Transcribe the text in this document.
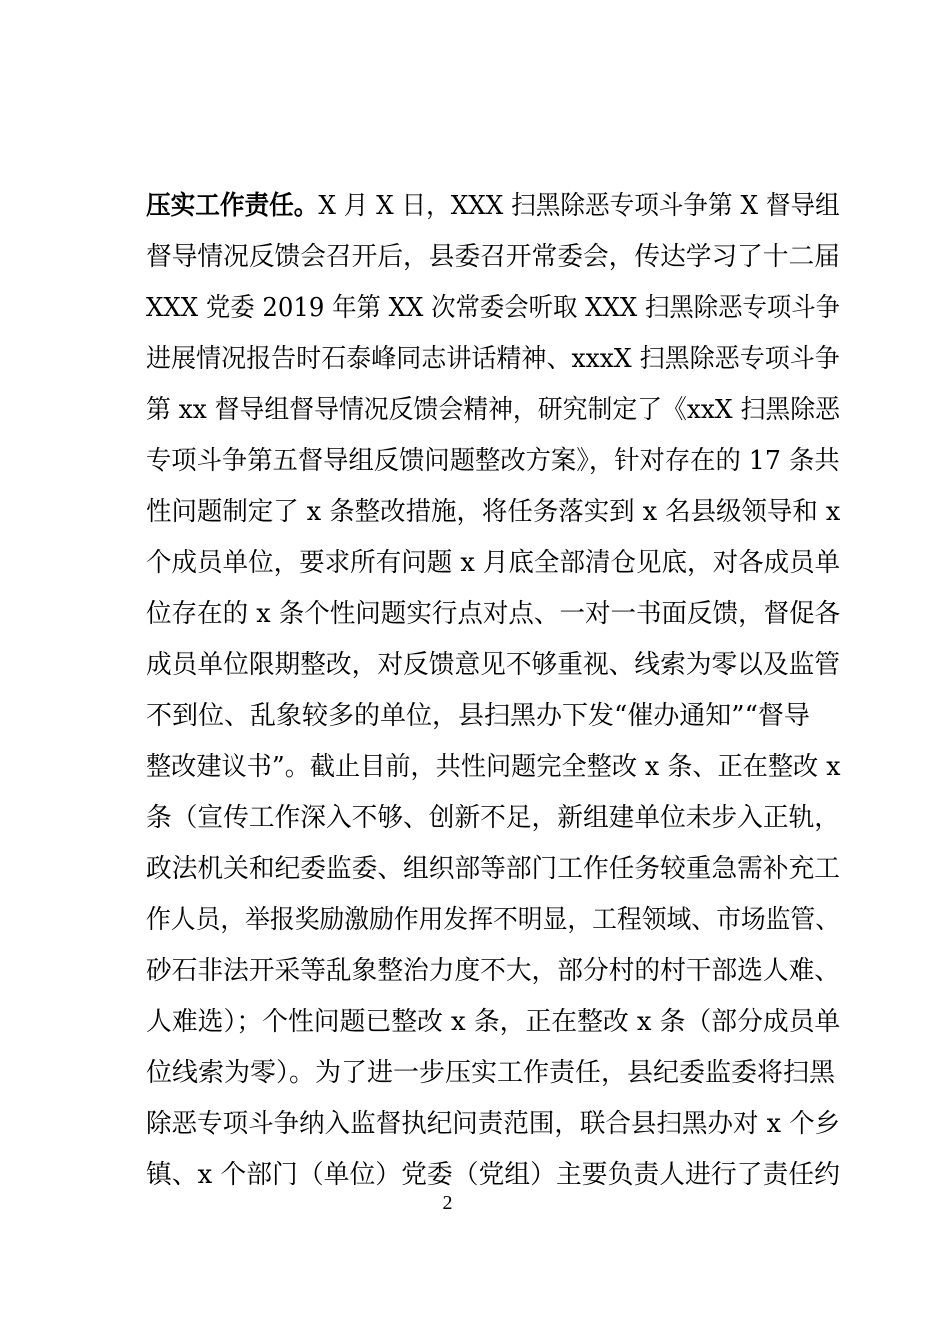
压实工作责任。X 月 X 日，XXX 扫黑除恶专项斗争第 X 督导组
督导情况反馈会召开后，县委召开常委会，传达学习了十二届
XXX 党委 2019 年第 XX 次常委会听取 XXX 扫黑除恶专项斗争
进展情况报告时石泰峰同志讲话精神、xxxX 扫黑除恶专项斗争
第 xx 督导组督导情况反馈会精神，研究制定了《xxX 扫黑除恶
专项斗争第五督导组反馈问题整改方案》，针对存在的 17 条共
性问题制定了 x 条整改措施，将任务落实到 x 名县级领导和 x
个成员单位，要求所有问题 x 月底全部清仓见底，对各成员单
位存在的 x 条个性问题实行点对点、一对一书面反馈，督促各
成员单位限期整改，对反馈意见不够重视、线索为零以及监管
不到位、乱象较多的单位，县扫黑办下发“催办通知”“督导
整改建议书”。截止目前，共性问题完全整改 x 条、正在整改 x
条（宣传工作深入不够、创新不足，新组建单位未步入正轨，
政法机关和纪委监委、组织部等部门工作任务较重急需补充工
作人员，举报奖励激励作用发挥不明显，工程领域、市场监管、
砂石非法开采等乱象整治力度不大，部分村的村干部选人难、
人难选）；个性问题已整改 x 条，正在整改 x 条（部分成员单
位线索为零）。为了进一步压实工作责任，县纪委监委将扫黑
除恶专项斗争纳入监督执纪问责范围，联合县扫黑办对 x 个乡
镇、x 个部门（单位）党委（党组）主要负责人进行了责任约
2
